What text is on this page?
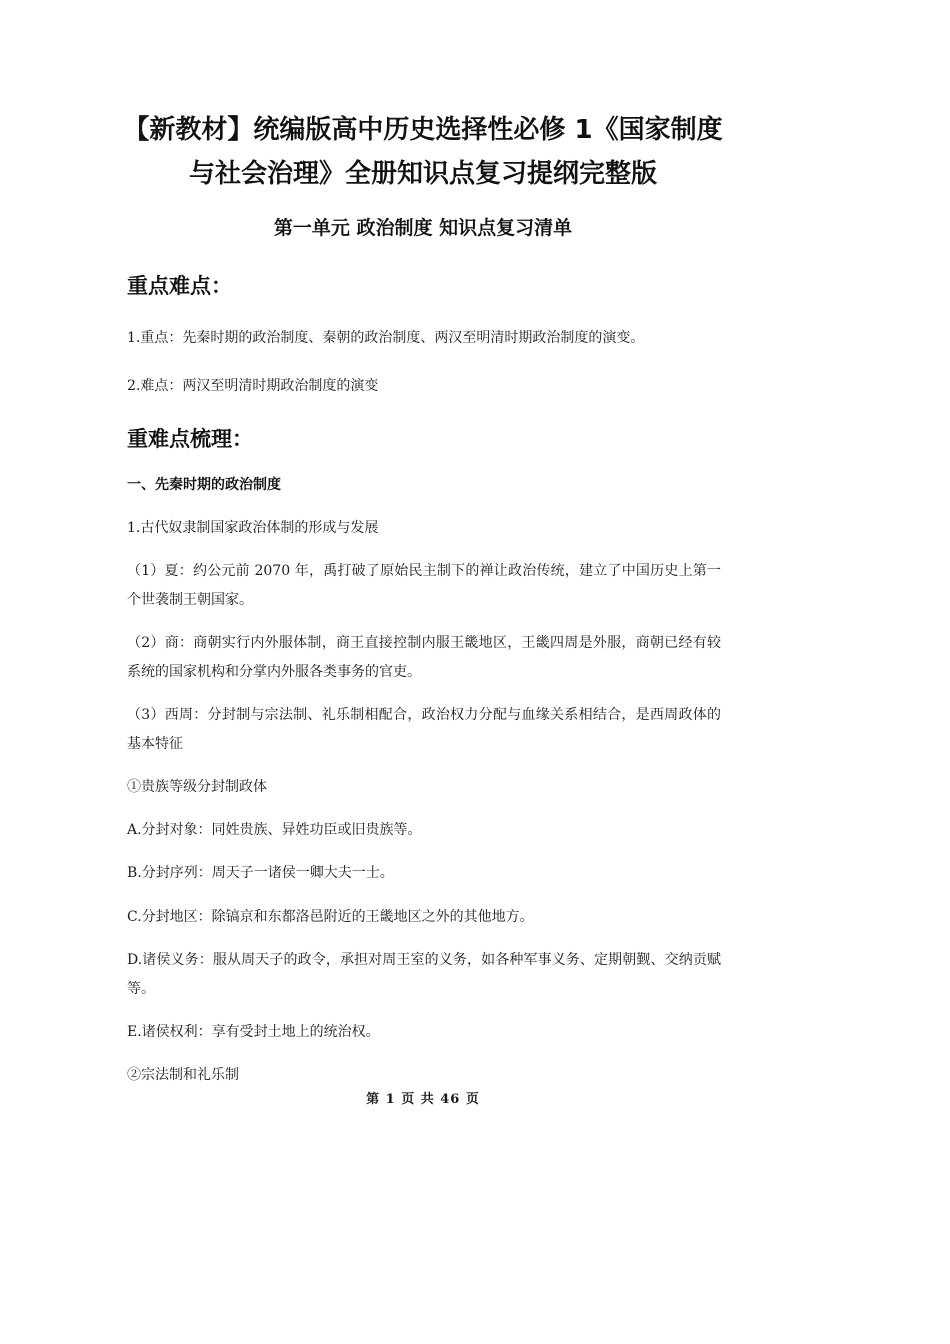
【新教材】统编版高中历史选择性必修 1《国家制度与社会治理》全册知识点复习提纲完整版
第一单元 政治制度 知识点复习清单
重点难点：
1.重点：先秦时期的政治制度、秦朝的政治制度、两汉至明清时期政治制度的演变。
2.难点：两汉至明清时期政治制度的演变
重难点梳理：
一、先秦时期的政治制度
1.古代奴隶制国家政治体制的形成与发展
（1）夏：约公元前 2070 年，禹打破了原始民主制下的禅让政治传统，建立了中国历史上第一个世袭制王朝国家。
（2）商：商朝实行内外服体制，商王直接控制内服王畿地区，王畿四周是外服，商朝已经有较系统的国家机构和分掌内外服各类事务的官吏。
（3）西周：分封制与宗法制、礼乐制相配合，政治权力分配与血缘关系相结合，是西周政体的基本特征
①贵族等级分封制政体
A.分封对象：同姓贵族、异姓功臣或旧贵族等。
B.分封序列：周天子一诸侯一卿大夫一士。
C.分封地区：除镐京和东都洛邑附近的王畿地区之外的其他地方。
D.诸侯义务：服从周天子的政令，承担对周王室的义务，如各种军事义务、定期朝觐、交纳贡赋等。
E.诸侯权利：享有受封土地上的统治权。
②宗法制和礼乐制
第 1 页 共 46 页
